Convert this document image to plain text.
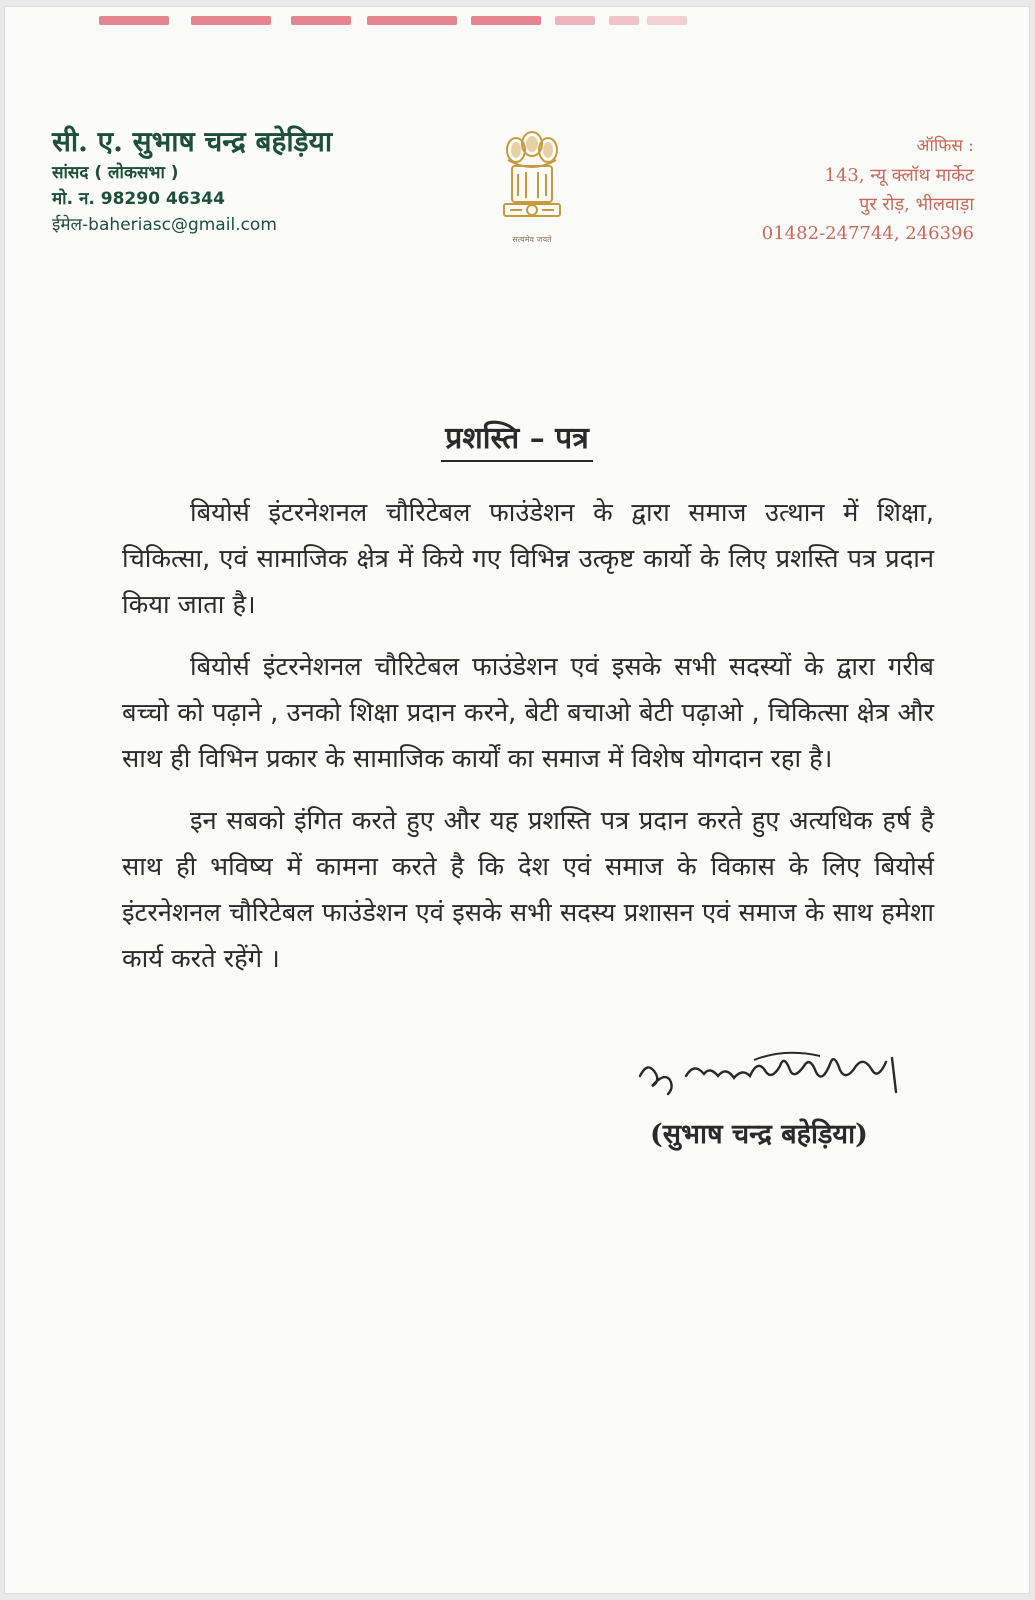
सी. ए. सुभाष चन्द्र बहेड़िया
सांसद ( लोकसभा )
मो. न. 98290 46344
ईमेल-baheriasc@gmail.com
सत्यमेव जयते
ऑफिस :
143, न्यू क्लॉथ मार्केट
पुर रोड़, भीलवाड़ा
01482-247744, 246396
प्रशस्ति – पत्र

बियोर्स इंटरनेशनल चौरिटेबल फाउंडेशन के द्वारा समाज उत्थान में शिक्षा, चिकित्सा, एवं सामाजिक क्षेत्र में किये गए विभिन्न उत्कृष्ट कार्यो के लिए प्रशस्ति पत्र प्रदान किया जाता है।

बियोर्स इंटरनेशनल चौरिटेबल फाउंडेशन एवं इसके सभी सदस्यों के द्वारा गरीब बच्चो को पढ़ाने , उनको शिक्षा प्रदान करने, बेटी बचाओ बेटी पढ़ाओ , चिकित्सा क्षेत्र और साथ ही विभिन प्रकार के सामाजिक कार्यों का समाज में विशेष योगदान रहा है।

इन सबको इंगित करते हुए और यह प्रशस्ति पत्र प्रदान करते हुए अत्यधिक हर्ष है साथ ही भविष्य में कामना करते है कि देश एवं समाज के विकास के लिए बियोर्स इंटरनेशनल चौरिटेबल फाउंडेशन एवं इसके सभी सदस्य प्रशासन एवं समाज के साथ हमेशा कार्य करते रहेंगे ।

(सुभाष चन्द्र बहेड़िया)
